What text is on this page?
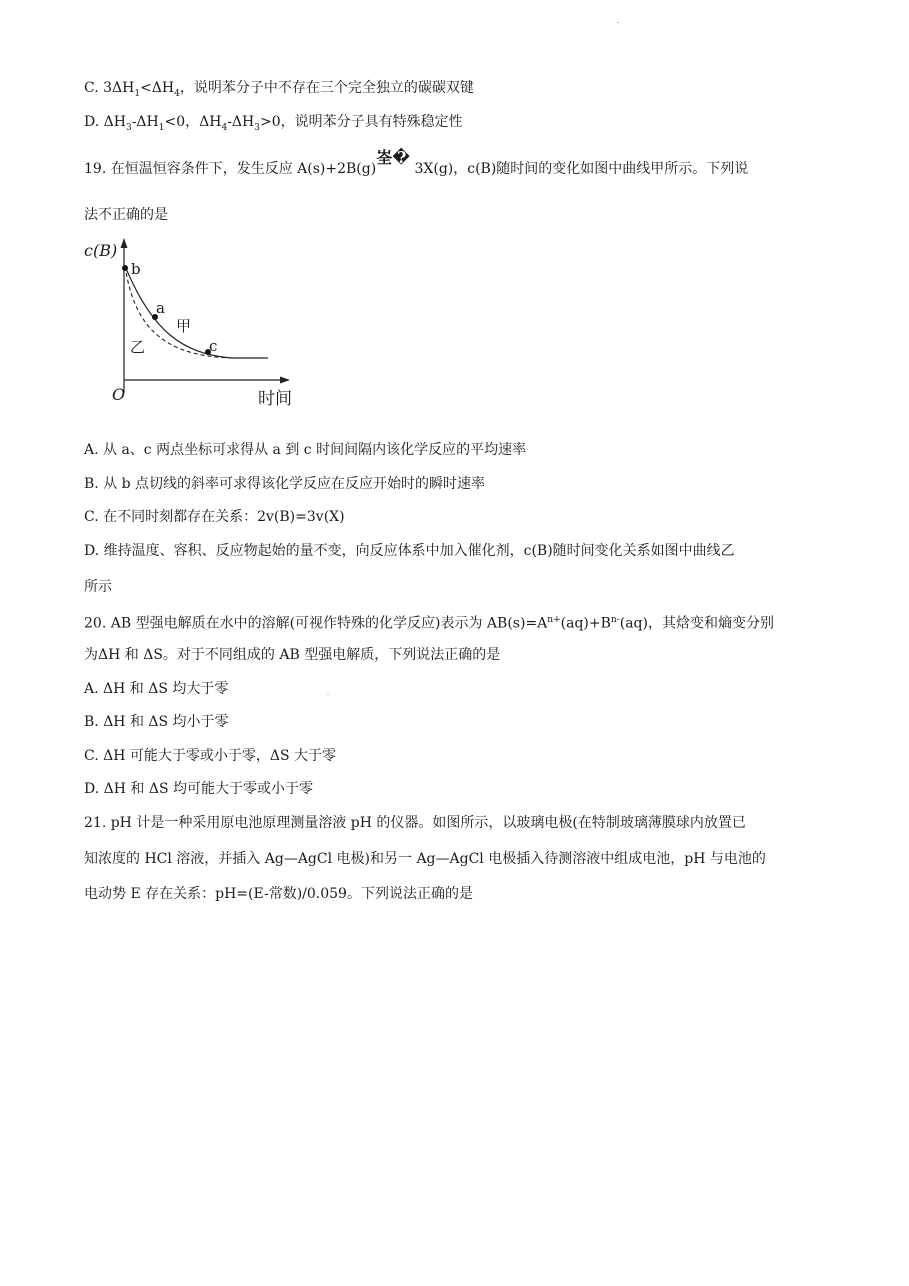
.
C. $3\Delta H_1<\Delta H_4$，说明苯分子中不存在三个完全独立的碳碳双键
D. $\Delta H_3-\Delta H_1<0$，$\Delta H_4-\Delta H_3>0$，说明苯分子具有特殊稳定性
19. 在恒温恒容条件下，发生反应 A(s)+2B(g)峑� 3X(g)，c(B)随时间的变化如图中曲线甲所示。下列说
法不正确的是
c(B)
b
a
甲
乙	c
O	时间
A. 从 a、c 两点坐标可求得从 a 到 c 时间间隔内该化学反应的平均速率
B. 从 b 点切线的斜率可求得该化学反应在反应开始时的瞬时速率
C. 在不同时刻都存在关系：2v(B)=3v(X)
D. 维持温度、容积、反应物起始的量不变，向反应体系中加入催化剂，c(B)随时间变化关系如图中曲线乙
所示
20. AB 型强电解质在水中的溶解(可视作特殊的化学反应)表示为 $AB(s)=A^{n+}(aq)+B^{n-}(aq)$，其焓变和熵变分别
为ΔH 和 ΔS。对于不同组成的 AB 型强电解质，下列说法正确的是
A. ΔH 和 ΔS 均大于零	_
B. ΔH 和 ΔS 均小于零
C. ΔH 可能大于零或小于零，ΔS 大于零
D. ΔH 和 ΔS 均可能大于零或小于零
21. pH 计是一种采用原电池原理测量溶液 pH 的仪器。如图所示，以玻璃电极(在特制玻璃薄膜球内放置已
知浓度的 HCl 溶液，并插入 Ag—AgCl 电极)和另一 Ag—AgCl 电极插入待测溶液中组成电池，pH 与电池的
电动势 E 存在关系：pH=(E-常数)/0.059。下列说法正确的是
